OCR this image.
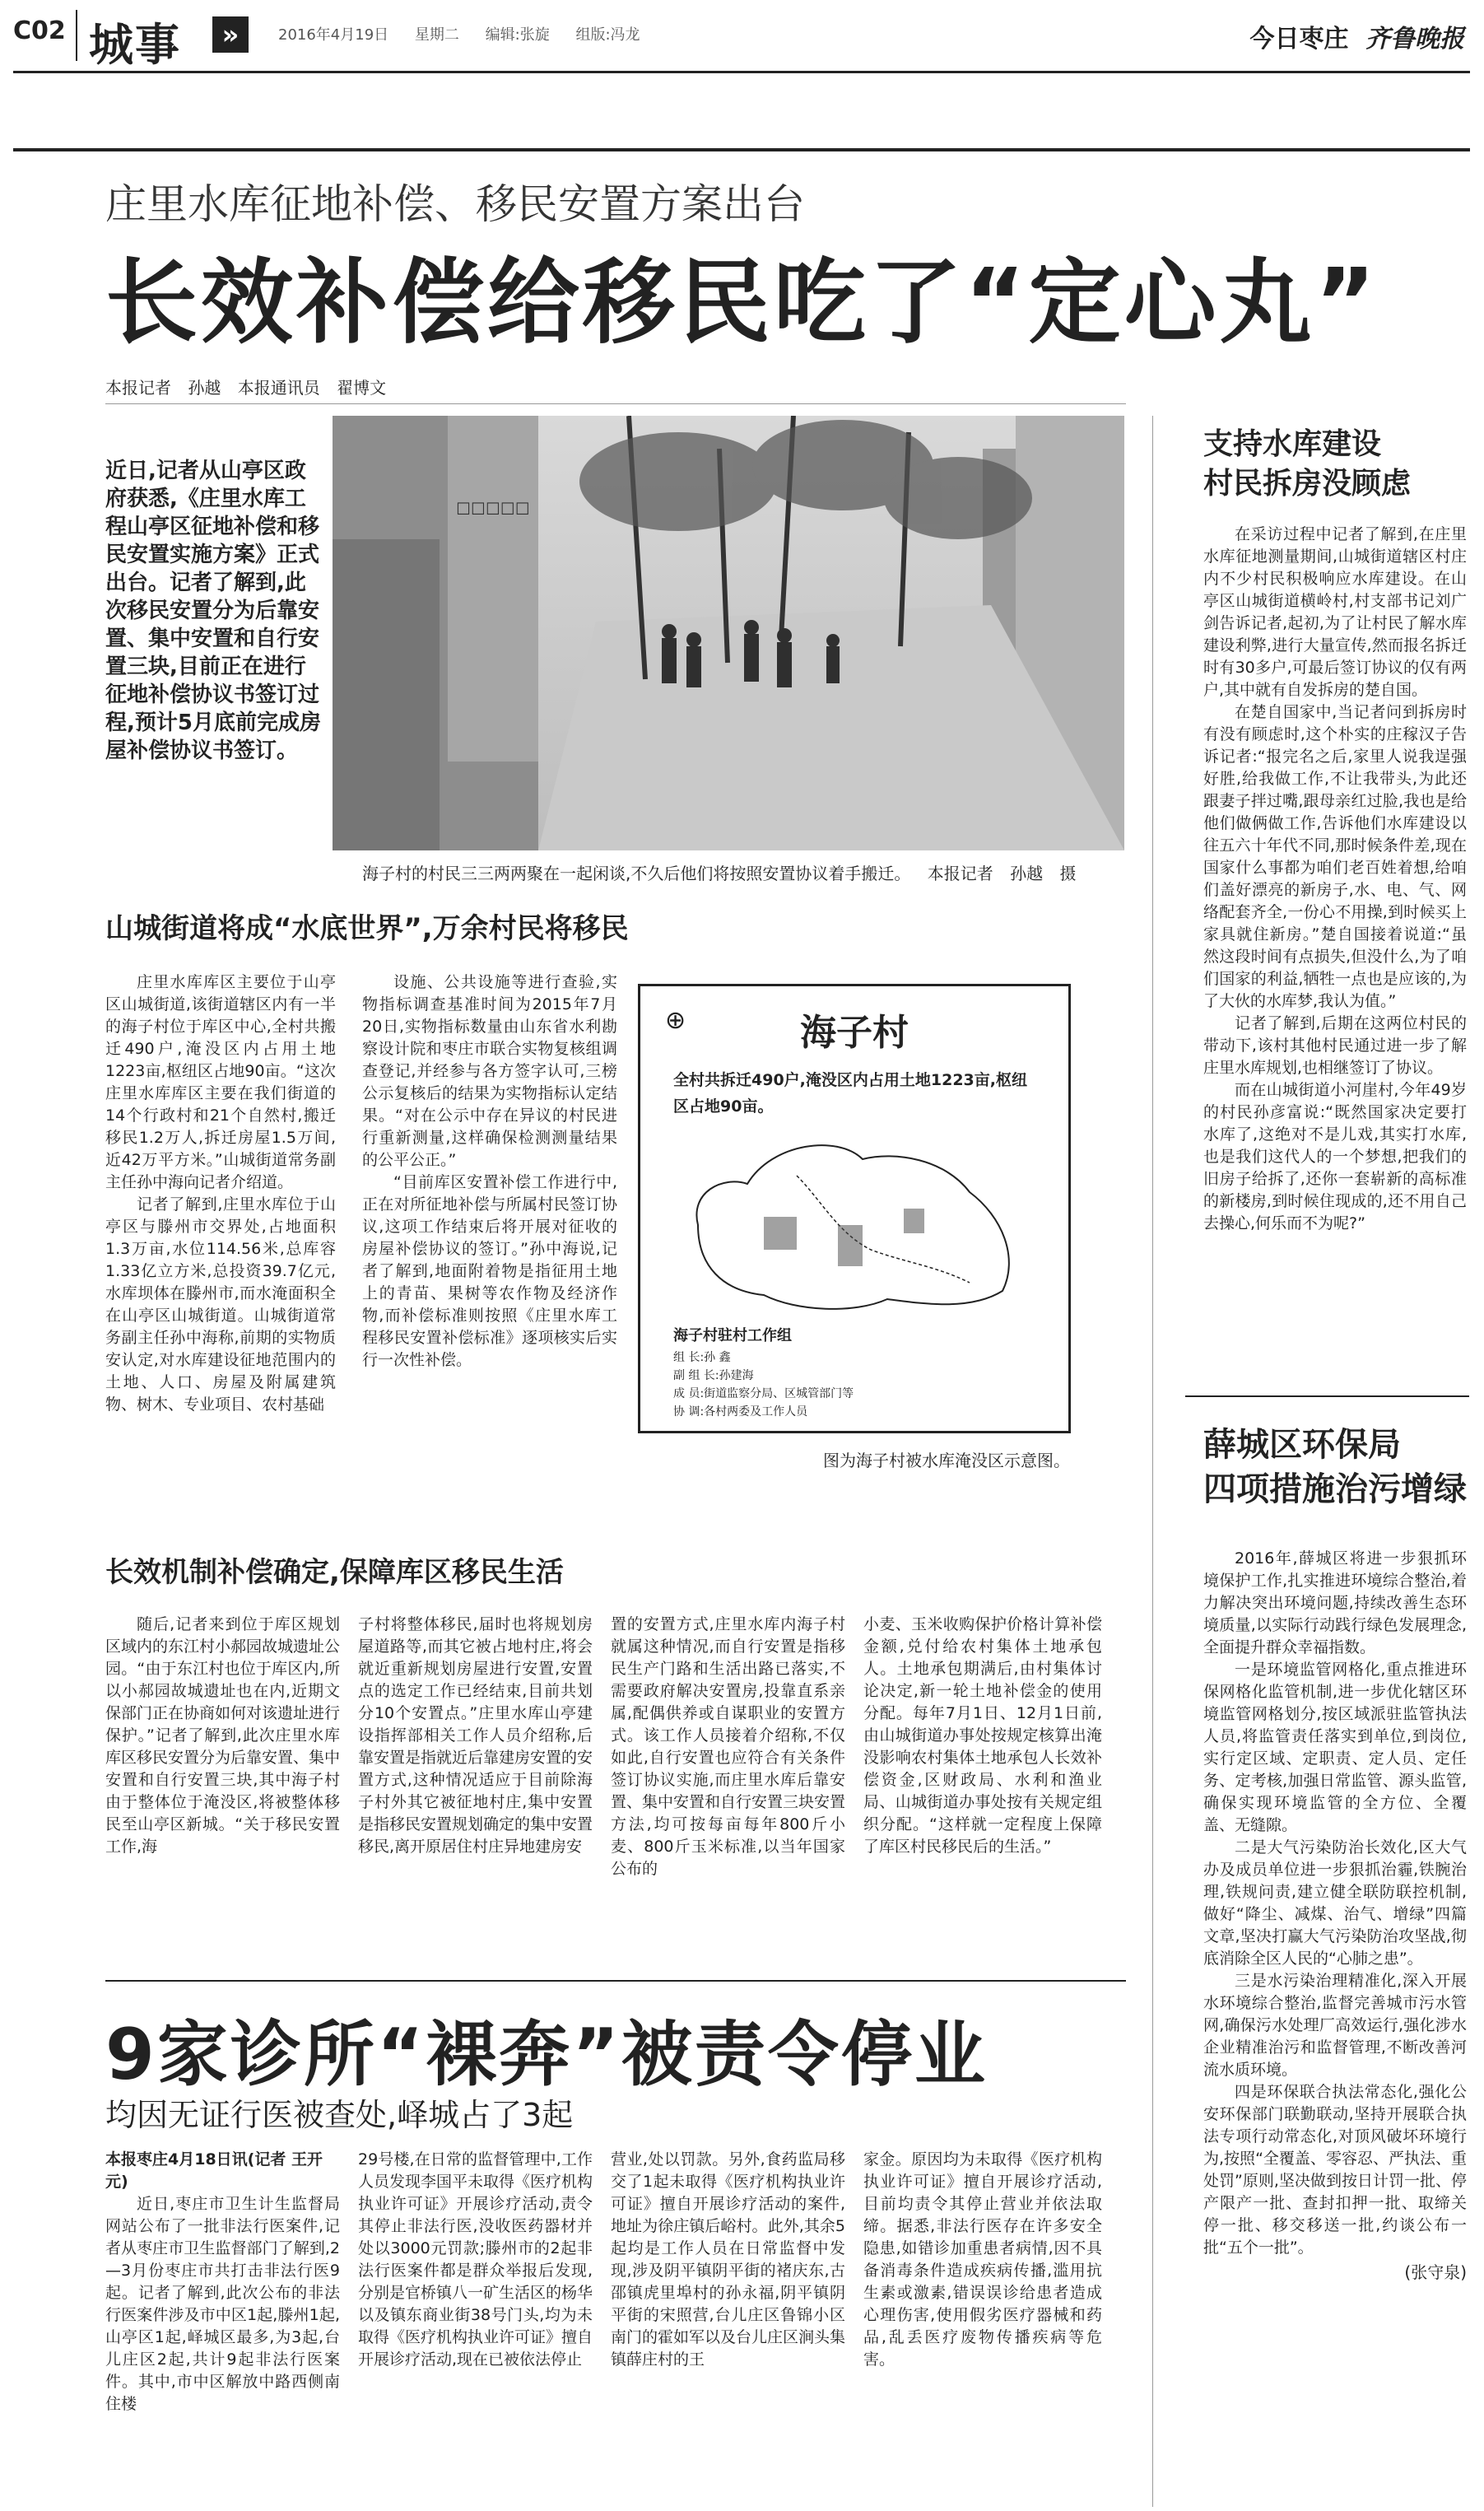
C02 城事	»	2016年4月19日 星期二 编辑:张旋 组版:冯龙	今日枣庄 齐鲁晚报
庄里水库征地补偿、移民安置方案出台
长效补偿给移民吃了“定心丸”
本报记者 孙越 本报通讯员 翟博文
近日,记者从山亭区政府获悉,《庄里水库工程山亭区征地补偿和移民安置实施方案》正式出台。记者了解到,此次移民安置分为后靠安置、集中安置和自行安置三块,目前正在进行征地补偿协议书签订过程,预计5月底前完成房屋补偿协议书签订。
☐☐☐☐☐
海子村的村民三三两两聚在一起闲谈,不久后他们将按照安置协议着手搬迁。 本报记者 孙越 摄
山城街道将成“水底世界”,万余村民将移民

庄里水库库区主要位于山亭区山城街道,该街道辖区内有一半的海子村位于库区中心,全村共搬迁490户,淹没区内占用土地1223亩,枢纽区占地90亩。“这次庄里水库库区主要在我们街道的14个行政村和21个自然村,搬迁移民1.2万人,拆迁房屋1.5万间,近42万平方米。”山城街道常务副主任孙中海向记者介绍道。

记者了解到,庄里水库位于山亭区与滕州市交界处,占地面积1.3万亩,水位114.56米,总库容1.33亿立方米,总投资39.7亿元,水库坝体在滕州市,而水淹面积全在山亭区山城街道。山城街道常务副主任孙中海称,前期的实物质安认定,对水库建设征地范围内的土地、人口、房屋及附属建筑物、树木、专业项目、农村基础

设施、公共设施等进行查验,实物指标调查基准时间为2015年7月20日,实物指标数量由山东省水利勘察设计院和枣庄市联合实物复核组调查登记,并经参与各方签字认可,三榜公示复核后的结果为实物指标认定结果。“对在公示中存在异议的村民进行重新测量,这样确保检测测量结果的公平公正。”

“目前库区安置补偿工作进行中,正在对所征地补偿与所属村民签订协议,这项工作结束后将开展对征收的房屋补偿协议的签订。”孙中海说,记者了解到,地面附着物是指征用土地上的青苗、果树等农作物及经济作物,而补偿标准则按照《庄里水库工程移民安置补偿标准》逐项核实后实行一次性补偿。

⊕	海子村
全村共拆迁490户,淹没区内占用土地1223亩,枢纽区占地90亩。
海子村驻村工作组
组 长:孙 鑫
副 组 长:孙建海
成 员:街道监察分局、区城管部门等
协 调:各村两委及工作人员
图为海子村被水库淹没区示意图。
长效机制补偿确定,保障库区移民生活

随后,记者来到位于库区规划区域内的东江村小郝园故城遗址公园。“由于东江村也位于库区内,所以小郝园故城遗址也在内,近期文保部门正在协商如何对该遗址进行保护。”记者了解到,此次庄里水库库区移民安置分为后靠安置、集中安置和自行安置三块,其中海子村由于整体位于淹没区,将被整体移民至山亭区新城。“关于移民安置工作,海

子村将整体移民,届时也将规划房屋道路等,而其它被占地村庄,将会就近重新规划房屋进行安置,安置点的选定工作已经结束,目前共划分10个安置点。”庄里水库山亭建设指挥部相关工作人员介绍称,后靠安置是指就近后靠建房安置的安置方式,这种情况适应于目前除海子村外其它被征地村庄,集中安置是指移民安置规划确定的集中安置移民,离开原居住村庄异地建房安

置的安置方式,庄里水库内海子村就属这种情况,而自行安置是指移民生产门路和生活出路已落实,不需要政府解决安置房,投靠直系亲属,配偶供养或自谋职业的安置方式。该工作人员接着介绍称,不仅如此,自行安置也应符合有关条件签订协议实施,而庄里水库后靠安置、集中安置和自行安置三块安置方法,均可按每亩每年800斤小麦、800斤玉米标准,以当年国家公布的

小麦、玉米收购保护价格计算补偿金额,兑付给农村集体土地承包人。土地承包期满后,由村集体讨论决定,新一轮土地补偿金的使用分配。每年7月1日、12月1日前,由山城街道办事处按规定核算出淹没影响农村集体土地承包人长效补偿资金,区财政局、水利和渔业局、山城街道办事处按有关规定组织分配。“这样就一定程度上保障了库区村民移民后的生活。”

支持水库建设
村民拆房没顾虑

在采访过程中记者了解到,在庄里水库征地测量期间,山城街道辖区村庄内不少村民积极响应水库建设。在山亭区山城街道横岭村,村支部书记刘广剑告诉记者,起初,为了让村民了解水库建设利弊,进行大量宣传,然而报名拆迁时有30多户,可最后签订协议的仅有两户,其中就有自发拆房的楚自国。

在楚自国家中,当记者问到拆房时有没有顾虑时,这个朴实的庄稼汉子告诉记者:“报完名之后,家里人说我逞强好胜,给我做工作,不让我带头,为此还跟妻子拌过嘴,跟母亲红过脸,我也是给他们做俩做工作,告诉他们水库建设以往五六十年代不同,那时候条件差,现在国家什么事都为咱们老百姓着想,给咱们盖好漂亮的新房子,水、电、气、网络配套齐全,一份心不用操,到时候买上家具就住新房。”楚自国接着说道:“虽然这段时间有点损失,但没什么,为了咱们国家的利益,牺牲一点也是应该的,为了大伙的水库梦,我认为值。”

记者了解到,后期在这两位村民的带动下,该村其他村民通过进一步了解庄里水库规划,也相继签订了协议。

而在山城街道小河崖村,今年49岁的村民孙彦富说:“既然国家决定要打水库了,这绝对不是儿戏,其实打水库,也是我们这代人的一个梦想,把我们的旧房子给拆了,还你一套崭新的高标准的新楼房,到时候住现成的,还不用自己去操心,何乐而不为呢?”

薛城区环保局
四项措施治污增绿

2016年,薛城区将进一步狠抓环境保护工作,扎实推进环境综合整治,着力解决突出环境问题,持续改善生态环境质量,以实际行动践行绿色发展理念,全面提升群众幸福指数。

一是环境监管网格化,重点推进环保网格化监管机制,进一步优化辖区环境监管网格划分,按区域派驻监管执法人员,将监管责任落实到单位,到岗位,实行定区域、定职责、定人员、定任务、定考核,加强日常监管、源头监管,确保实现环境监管的全方位、全覆盖、无缝隙。

二是大气污染防治长效化,区大气办及成员单位进一步狠抓治霾,铁腕治理,铁规问责,建立健全联防联控机制,做好“降尘、减煤、治气、增绿”四篇文章,坚决打赢大气污染防治攻坚战,彻底消除全区人民的“心肺之患”。

三是水污染治理精准化,深入开展水环境综合整治,监督完善城市污水管网,确保污水处理厂高效运行,强化涉水企业精准治污和监督管理,不断改善河流水质环境。

四是环保联合执法常态化,强化公安环保部门联勤联动,坚持开展联合执法专项行动常态化,对顶风破坏环境行为,按照“全覆盖、零容忍、严执法、重处罚”原则,坚决做到按日计罚一批、停产限产一批、查封扣押一批、取缔关停一批、移交移送一批,约谈公布一批“五个一批”。

(张守泉)
9家诊所“裸奔”被责令停业
均因无证行医被查处,峄城占了3起
本报枣庄4月18日讯(记者 王开元)

近日,枣庄市卫生计生监督局网站公布了一批非法行医案件,记者从枣庄市卫生监督部门了解到,2—3月份枣庄市共打击非法行医9起。记者了解到,此次公布的非法行医案件涉及市中区1起,滕州1起,山亭区1起,峄城区最多,为3起,台儿庄区2起,共计9起非法行医案件。其中,市中区解放中路西侧南住楼

29号楼,在日常的监督管理中,工作人员发现李国平未取得《医疗机构执业许可证》开展诊疗活动,责令其停止非法行医,没收医药器材并处以3000元罚款;滕州市的2起非法行医案件都是群众举报后发现,分别是官桥镇八一矿生活区的杨华以及镇东商业街38号门头,均为未取得《医疗机构执业许可证》擅自开展诊疗活动,现在已被依法停止

营业,处以罚款。另外,食药监局移交了1起未取得《医疗机构执业许可证》擅自开展诊疗活动的案件,地址为徐庄镇后峪村。此外,其余5起均是工作人员在日常监督中发现,涉及阴平镇阴平街的褚庆东,古邵镇虎里埠村的孙永福,阴平镇阴平街的宋照营,台儿庄区鲁锦小区南门的霍如军以及台儿庄区涧头集镇薛庄村的王

家金。原因均为未取得《医疗机构执业许可证》擅自开展诊疗活动,目前均责令其停止营业并依法取缔。据悉,非法行医存在许多安全隐患,如错诊加重患者病情,因不具备消毒条件造成疾病传播,滥用抗生素或激素,错误误诊给患者造成心理伤害,使用假劣医疗器械和药品,乱丢医疗废物传播疾病等危害。
